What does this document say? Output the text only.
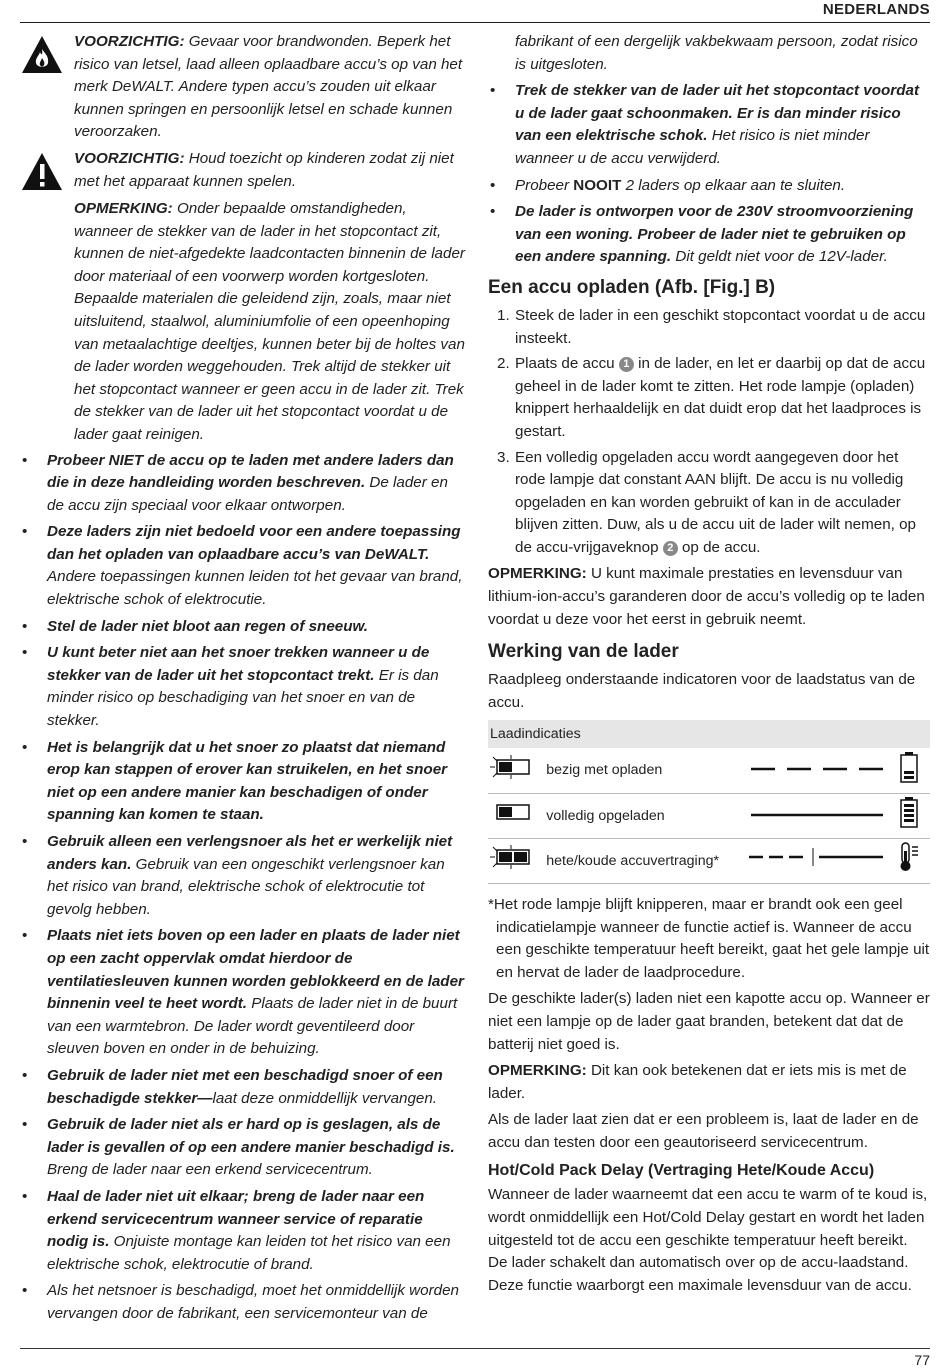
NEDERLANDS

VOORZICHTIG: Gevaar voor brandwonden. Beperk het risico van letsel, laad alleen oplaadbare accu’s op van het merk DeWALT. Andere typen accu’s zouden uit elkaar kunnen springen en persoonlijk letsel en schade kunnen veroorzaken.

VOORZICHTIG: Houd toezicht op kinderen zodat zij niet met het apparaat kunnen spelen.

OPMERKING: Onder bepaalde omstandigheden, wanneer de stekker van de lader in het stopcontact zit, kunnen de niet-afgedekte laadcontacten binnenin de lader door materiaal of een voorwerp worden kortgesloten. Bepaalde materialen die geleidend zijn, zoals, maar niet uitsluitend, staalwol, aluminiumfolie of een opeenhoping van metaalachtige deeltjes, kunnen beter bij de holtes van de lader worden weggehouden. Trek altijd de stekker uit het stopcontact wanneer er geen accu in de lader zit. Trek de stekker van de lader uit het stopcontact voordat u de lader gaat reinigen.

• Probeer NIET de accu op te laden met andere laders dan die in deze handleiding worden beschreven. De lader en de accu zijn speciaal voor elkaar ontworpen.

• Deze laders zijn niet bedoeld voor een andere toepassing dan het opladen van oplaadbare accu’s van DeWALT. Andere toepassingen kunnen leiden tot het gevaar van brand, elektrische schok of elektrocutie.

• Stel de lader niet bloot aan regen of sneeuw.

• U kunt beter niet aan het snoer trekken wanneer u de stekker van de lader uit het stopcontact trekt. Er is dan minder risico op beschadiging van het snoer en van de stekker.

• Het is belangrijk dat u het snoer zo plaatst dat niemand erop kan stappen of erover kan struikelen, en het snoer niet op een andere manier kan beschadigen of onder spanning kan komen te staan.

• Gebruik alleen een verlengsnoer als het er werkelijk niet anders kan. Gebruik van een ongeschikt verlengsnoer kan het risico van brand, elektrische schok of elektrocutie tot gevolg hebben.

• Plaats niet iets boven op een lader en plaats de lader niet op een zacht oppervlak omdat hierdoor de ventilatiesleuven kunnen worden geblokkeerd en de lader binnenin veel te heet wordt. Plaats de lader niet in de buurt van een warmtebron. De lader wordt geventileerd door sleuven boven en onder in de behuizing.

• Gebruik de lader niet met een beschadigd snoer of een beschadigde stekker—laat deze onmiddellijk vervangen.

• Gebruik de lader niet als er hard op is geslagen, als de lader is gevallen of op een andere manier beschadigd is. Breng de lader naar een erkend servicecentrum.

• Haal de lader niet uit elkaar; breng de lader naar een erkend servicecentrum wanneer service of reparatie nodig is. Onjuiste montage kan leiden tot het risico van een elektrische schok, elektrocutie of brand.

• Als het netsnoer is beschadigd, moet het onmiddellijk worden vervangen door de fabrikant, een servicemonteur van de

fabrikant of een dergelijk vakbekwaam persoon, zodat risico is uitgesloten.

• Trek de stekker van de lader uit het stopcontact voordat u de lader gaat schoonmaken. Er is dan minder risico van een elektrische schok. Het risico is niet minder wanneer u de accu verwijderd.

• Probeer NOOIT 2 laders op elkaar aan te sluiten.

• De lader is ontworpen voor de 230V stroomvoorziening van een woning. Probeer de lader niet te gebruiken op een andere spanning. Dit geldt niet voor de 12V-lader.

Een accu opladen (Afb. [Fig.] B)
1. Steek de lader in een geschikt stopcontact voordat u de accu insteekt.
2. Plaats de accu 1 in de lader, en let er daarbij op dat de accu geheel in de lader komt te zitten. Het rode lampje (opladen) knippert herhaaldelijk en dat duidt erop dat het laadproces is gestart.
3. Een volledig opgeladen accu wordt aangegeven door het rode lampje dat constant AAN blijft. De accu is nu volledig opgeladen en kan worden gebruikt of kan in de acculader blijven zitten. Duw, als u de accu uit de lader wilt nemen, op de accu-vrijgaveknop 2 op de accu.

OPMERKING: U kunt maximale prestaties en levensduur van lithium-ion-accu’s garanderen door de accu’s volledig op te laden voordat u deze voor het eerst in gebruik neemt.

Werking van de lader

Raadpleeg onderstaande indicatoren voor de laadstatus van de accu.

Laadindicaties			
	bezig met opladen		
	volledig opgeladen		
	hete/koude accuvertraging*		

*Het rode lampje blijft knipperen, maar er brandt ook een geel indicatielampje wanneer de functie actief is. Wanneer de accu een geschikte temperatuur heeft bereikt, gaat het gele lampje uit en hervat de lader de laadprocedure.

De geschikte lader(s) laden niet een kapotte accu op. Wanneer er niet een lampje op de lader gaat branden, betekent dat dat de batterij niet goed is.

OPMERKING: Dit kan ook betekenen dat er iets mis is met de lader.

Als de lader laat zien dat er een probleem is, laat de lader en de accu dan testen door een geautoriseerd servicecentrum.

Hot/Cold Pack Delay (Vertraging Hete/Koude Accu)

Wanneer de lader waarneemt dat een accu te warm of te koud is, wordt onmiddellijk een Hot/Cold Delay gestart en wordt het laden uitgesteld tot de accu een geschikte temperatuur heeft bereikt. De lader schakelt dan automatisch over op de accu-laadstand. Deze functie waarborgt een maximale levensduur van de accu.

77
